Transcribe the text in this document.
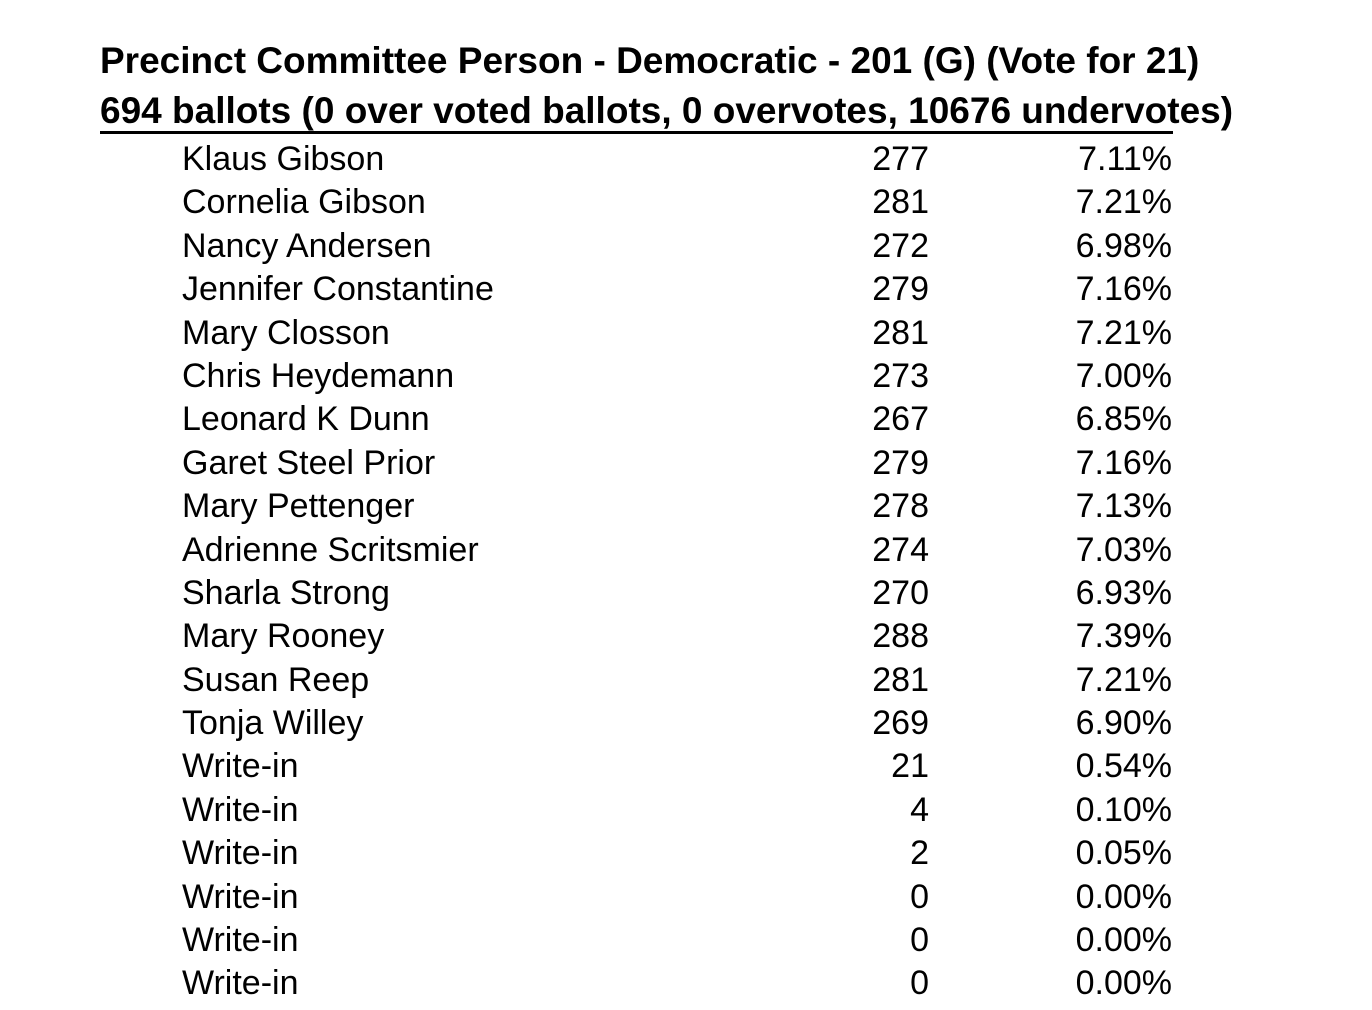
Precinct Committee Person - Democratic - 201 (G) (Vote for 21)
694 ballots (0 over voted ballots, 0 overvotes, 10676 undervotes)
Klaus Gibson	277	7.11%
Cornelia Gibson	281	7.21%
Nancy Andersen	272	6.98%
Jennifer Constantine	279	7.16%
Mary Closson	281	7.21%
Chris Heydemann	273	7.00%
Leonard K Dunn	267	6.85%
Garet Steel Prior	279	7.16%
Mary Pettenger	278	7.13%
Adrienne Scritsmier	274	7.03%
Sharla Strong	270	6.93%
Mary Rooney	288	7.39%
Susan Reep	281	7.21%
Tonja Willey	269	6.90%
Write-in	21	0.54%
Write-in	4	0.10%
Write-in	2	0.05%
Write-in	0	0.00%
Write-in	0	0.00%
Write-in	0	0.00%
